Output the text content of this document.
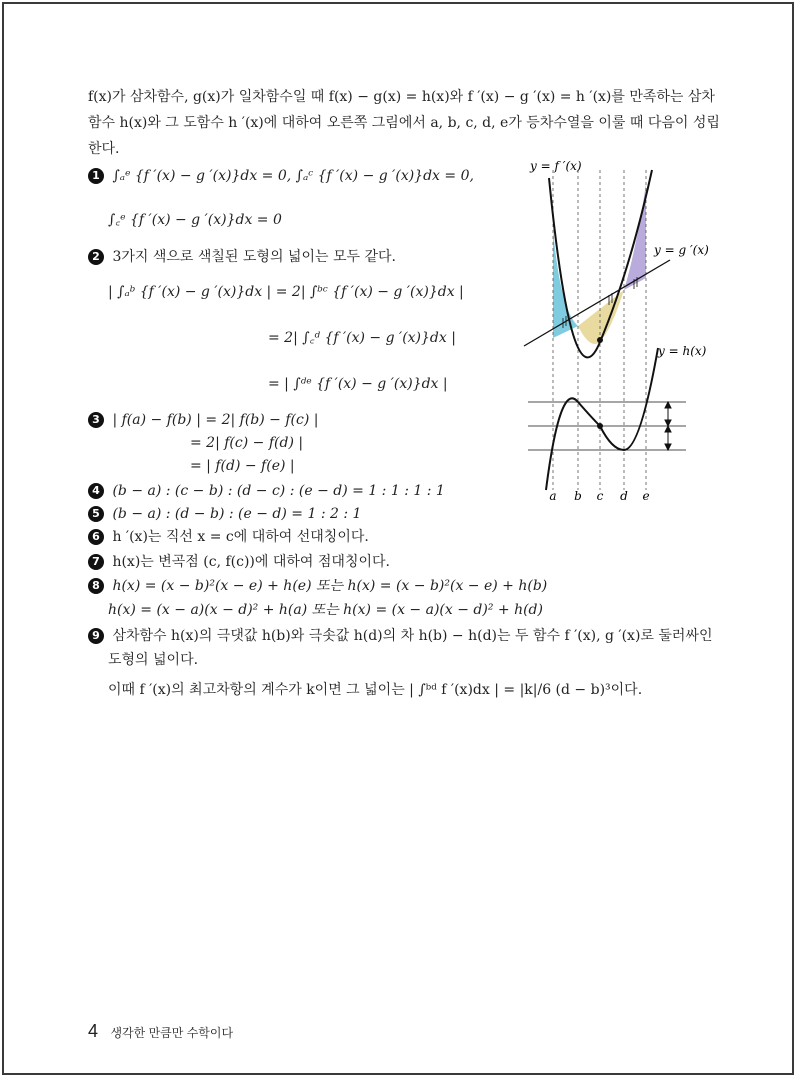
f(x)가 삼차함수, g(x)가 일차함수일 때 f(x) − g(x) = h(x)와 f ′(x) − g ′(x) = h ′(x)를 만족하는 삼차 함수 h(x)와 그 도함수 h ′(x)에 대하여 오른쪽 그림에서 a, b, c, d, e가 등차수열을 이룰 때 다음이 성립한다.
1 ∫ₐᵉ {f ′(x) − g ′(x)}dx = 0, ∫ₐᶜ {f ′(x) − g ′(x)}dx = 0,
∫꜀ᵉ {f ′(x) − g ′(x)}dx = 0
2 3가지 색으로 색칠된 도형의 넓이는 모두 같다.
| ∫ₐᵇ {f ′(x) − g ′(x)}dx | = 2| ∫ᵇᶜ {f ′(x) − g ′(x)}dx |
= 2| ∫꜀ᵈ {f ′(x) − g ′(x)}dx |
= | ∫ᵈᵉ {f ′(x) − g ′(x)}dx |
3 | f(a) − f(b) | = 2| f(b) − f(c) |
= 2| f(c) − f(d) |
= | f(d) − f(e) |
4 (b − a) : (c − b) : (d − c) : (e − d) = 1 : 1 : 1 : 1
5 (b − a) : (d − b) : (e − d) = 1 : 2 : 1
6 h ′(x)는 직선 x = c에 대하여 선대칭이다.
7 h(x)는 변곡점 (c, f(c))에 대하여 점대칭이다.
8 h(x) = (x − b)²(x − e) + h(e) 또는 h(x) = (x − b)²(x − e) + h(b)
h(x) = (x − a)(x − d)² + h(a) 또는 h(x) = (x − a)(x − d)² + h(d)
9 삼차함수 h(x)의 극댓값 h(b)와 극솟값 h(d)의 차 h(b) − h(d)는 두 함수 f ′(x), g ′(x)로 둘러싸인
도형의 넓이다.
이때 f ′(x)의 최고차항의 계수가 k이면 그 넓이는 | ∫ᵇᵈ f ′(x)dx | = |k|/6 (d − b)³이다.
y = f ′(x)
y = g ′(x)
y = h(x)
a b c d e
4 생각한 만큼만 수학이다
